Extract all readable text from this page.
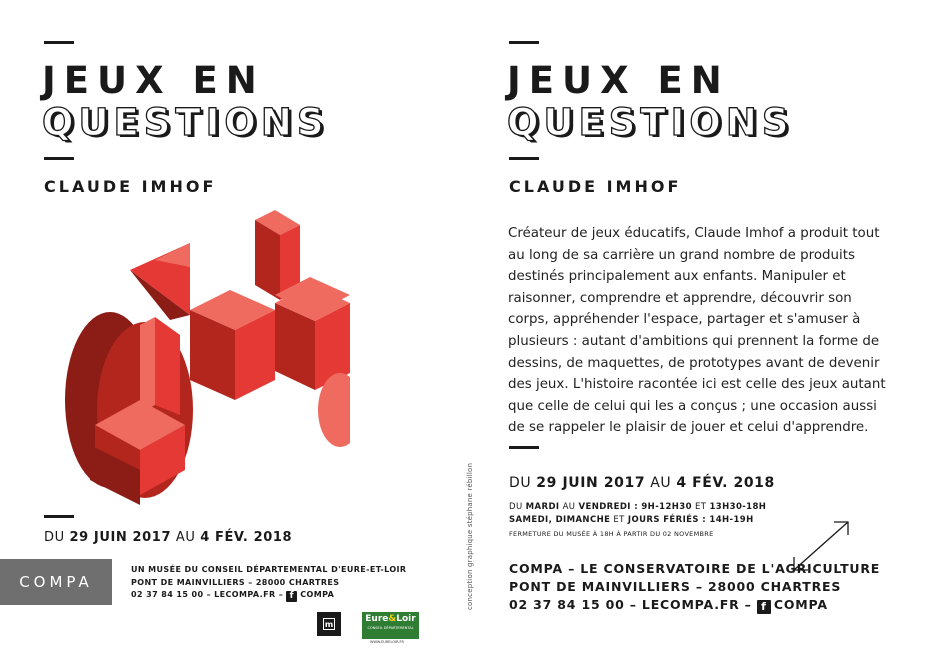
JEUX EN
QUESTIONS
CLAUDE IMHOF
DU 29 JUIN 2017 AU 4 FÉV. 2018
COMPA
UN MUSÉE DU CONSEIL DÉPARTEMENTAL D'EURE-ET-LOIR
PONT DE MAINVILLIERS – 28000 CHARTRES
02 37 84 15 00 – LECOMPA.FR – f COMPA
m	Eure&Loir
CONSEIL DÉPARTEMENTAL
WWW.EURELOIR.FR
conception graphique stéphane rébillon
JEUX EN
QUESTIONS
CLAUDE IMHOF
Créateur de jeux éducatifs, Claude Imhof a produit tout
au long de sa carrière un grand nombre de produits
destinés principalement aux enfants. Manipuler et
raisonner, comprendre et apprendre, découvrir son
corps, appréhender l'espace, partager et s'amuser à
plusieurs : autant d'ambitions qui prennent la forme de
dessins, de maquettes, de prototypes avant de devenir
des jeux. L'histoire racontée ici est celle des jeux autant
que celle de celui qui les a conçus ; une occasion aussi
de se rappeler le plaisir de jouer et celui d'apprendre.
DU 29 JUIN 2017 AU 4 FÉV. 2018
DU MARDI AU VENDREDI : 9H-12H30 ET 13H30-18H
SAMEDI, DIMANCHE ET JOURS FÉRIÉS : 14H-19H
FERMETURE DU MUSÉE À 18H À PARTIR DU 02 NOVEMBRE
COMPA – LE CONSERVATOIRE DE L'AGRICULTURE
PONT DE MAINVILLIERS – 28000 CHARTRES
02 37 84 15 00 – LECOMPA.FR – f COMPA
